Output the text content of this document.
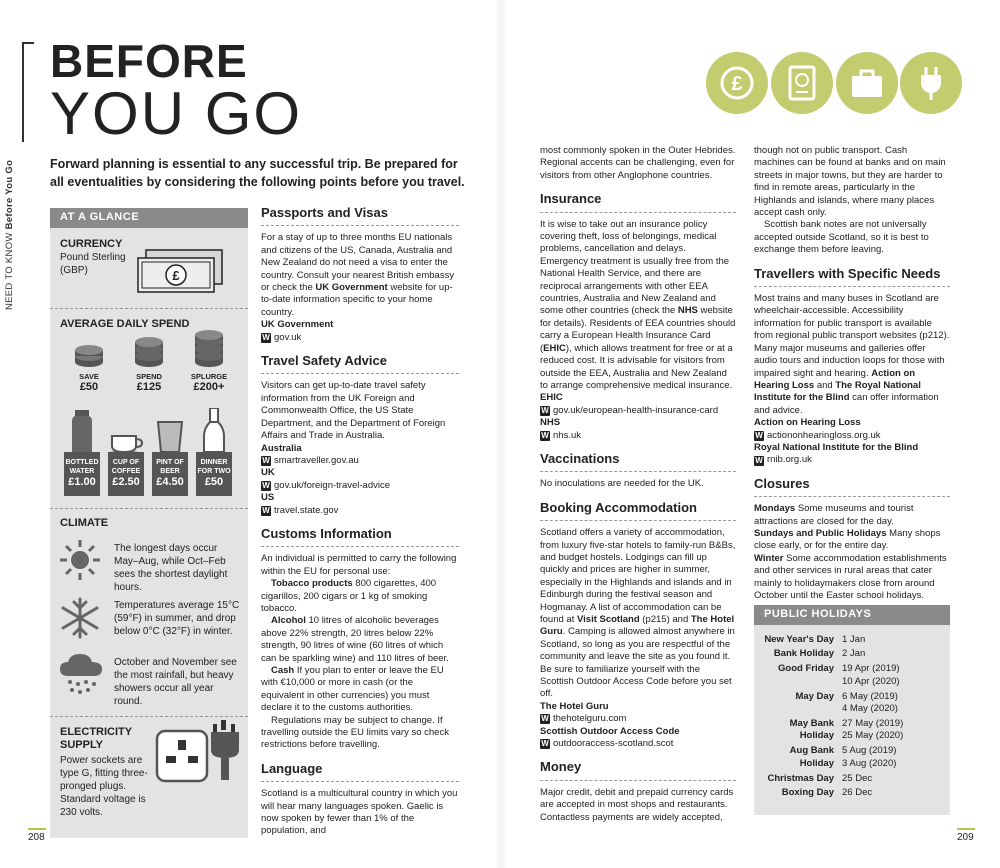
NEED TO KNOW Before You Go
BEFORE
YOU GO
Forward planning is essential to any successful trip. Be prepared for all eventualities by considering the following points before you travel.
£
AT A GLANCE
CURRENCY

Pound Sterling (GBP)	£
AVERAGE DAILY SPEND
SAVE
£50
SPEND
£125
SPLURGE
£200+
BOTTLED WATER
£1.00
CUP OF COFFEE
£2.50
PINT OF BEER
£4.50
DINNER FOR TWO
£50
CLIMATE

The longest days occur May–Aug, while Oct–Feb sees the shortest daylight hours.

Temperatures average 15°C (59°F) in summer, and drop below 0°C (32°F) in winter.

October and November see the most rainfall, but heavy showers occur all year round.

ELECTRICITY SUPPLY

Power sockets are type G, fitting three-pronged plugs. Standard voltage is 230 volts.

Passports and Visas

For a stay of up to three months EU nationals and citizens of the US, Canada, Australia and New Zealand do not need a visa to enter the country. Consult your nearest British embassy or check the UK Government website for up-to-date information specific to your home country.

UK Government

W gov.uk

Travel Safety Advice

Visitors can get up-to-date travel safety information from the UK Foreign and Commonwealth Office, the US State Department, and the Department of Foreign Affairs and Trade in Australia.

Australia

W smartraveller.gov.au

UK

W gov.uk/foreign-travel-advice

US

W travel.state.gov

Customs Information

An individual is permitted to carry the following within the EU for personal use:

Tobacco products 800 cigarettes, 400 cigarillos, 200 cigars or 1 kg of smoking tobacco.

Alcohol 10 litres of alcoholic beverages above 22% strength, 20 litres below 22% strength, 90 litres of wine (60 litres of which can be sparkling wine) and 110 litres of beer.

Cash If you plan to enter or leave the EU with €10,000 or more in cash (or the equivalent in other currencies) you must declare it to the customs authorities.

Regulations may be subject to change. If travelling outside the EU limits vary so check restrictions before travelling.

Language

Scotland is a multicultural country in which you will hear many languages spoken. Gaelic is now spoken by fewer than 1% of the population, and

most commonly spoken in the Outer Hebrides. Regional accents can be challenging, even for visitors from other Anglophone countries.

Insurance

It is wise to take out an insurance policy covering theft, loss of belongings, medical problems, cancellation and delays. Emergency treatment is usually free from the National Health Service, and there are reciprocal arrangements with other EEA countries, Australia and New Zealand and some other countries (check the NHS website for details). Residents of EEA countries should carry a European Health Insurance Card (EHIC), which allows treatment for free or at a reduced cost. It is advisable for visitors from outside the EEA, Australia and New Zealand to arrange comprehensive medical insurance.

EHIC

W gov.uk/european-health-insurance-card

NHS

W nhs.uk

Vaccinations

No inoculations are needed for the UK.

Booking Accommodation

Scotland offers a variety of accommodation, from luxury five-star hotels to family-run B&Bs, and budget hostels. Lodgings can fill up quickly and prices are higher in summer, especially in the Highlands and islands and in Edinburgh during the festival season and Hogmanay. A list of accommodation can be found at Visit Scotland (p215) and The Hotel Guru. Camping is allowed almost anywhere in Scotland, so long as you are respectful of the community and leave the site as you found it. Be sure to familiarize yourself with the Scottish Outdoor Access Code before you set off.

The Hotel Guru

W thehotelguru.com

Scottish Outdoor Access Code

W outdooraccess-scotland.scot

Money

Major credit, debit and prepaid currency cards are accepted in most shops and restaurants. Contactless payments are widely accepted,

though not on public transport. Cash machines can be found at banks and on main streets in major towns, but they are harder to find in remote areas, particularly in the Highlands and islands, where many places accept cash only.

Scottish bank notes are not universally accepted outside Scotland, so it is best to exchange them before leaving.

Travellers with Specific Needs

Most trains and many buses in Scotland are wheelchair-accessible. Accessibility information for public transport is available from regional public transport websites (p212). Many major museums and galleries offer audio tours and induction loops for those with impaired sight and hearing. Action on Hearing Loss and The Royal National Institute for the Blind can offer information and advice.

Action on Hearing Loss

W actiononhearingloss.org.uk

Royal National Institute for the Blind

W rnib.org.uk

Closures

Mondays Some museums and tourist attractions are closed for the day.

Sundays and Public Holidays Many shops close early, or for the entire day.

Winter Some accommodation establishments and other services in rural areas that cater mainly to holidaymakers close from around October until the Easter school holidays.

PUBLIC HOLIDAYS
New Year's Day 1 Jan
Bank Holiday 2 Jan
Good Friday 19 Apr (2019)
10 Apr (2020)
May Day 6 May (2019)
4 May (2020)
May Bank Holiday
27 May (2019)
25 May (2020)
Aug Bank Holiday
5 Aug (2019)
3 Aug (2020)
Christmas Day 25 Dec
Boxing Day 26 Dec
208	209
